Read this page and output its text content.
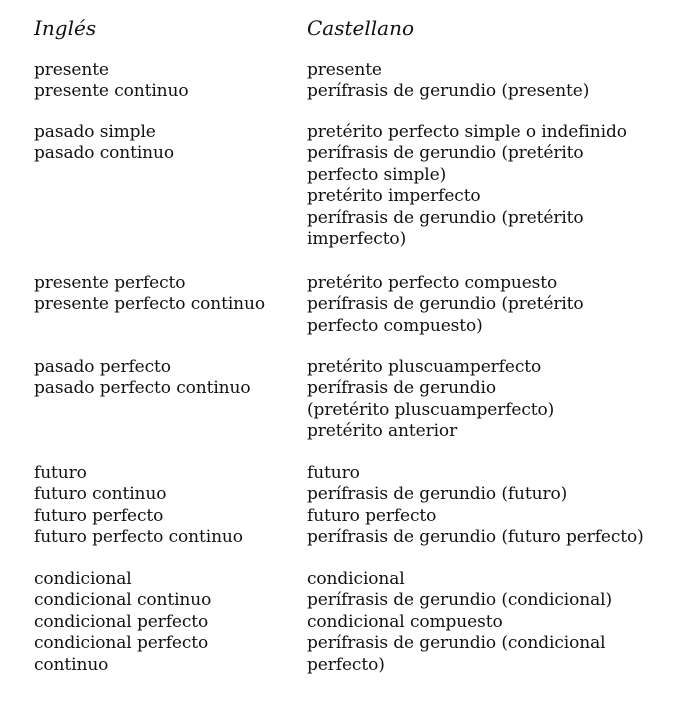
Inglés	Castellano
presente
presente continuo
presente
perífrasis de gerundio (presente)
pasado simple
pasado continuo
pretérito perfecto simple o indefinido
perífrasis de gerundio (pretérito
perfecto simple)
pretérito imperfecto
perífrasis de gerundio (pretérito
imperfecto)
presente perfecto
presente perfecto continuo
pretérito perfecto compuesto
perífrasis de gerundio (pretérito
perfecto compuesto)
pasado perfecto
pasado perfecto continuo
pretérito pluscuamperfecto
perífrasis de gerundio
(pretérito pluscuamperfecto)
pretérito anterior
futuro
futuro continuo
futuro perfecto
futuro perfecto continuo
futuro
perífrasis de gerundio (futuro)
futuro perfecto
perífrasis de gerundio (futuro perfecto)
condicional
condicional continuo
condicional perfecto
condicional perfecto
continuo
condicional
perífrasis de gerundio (condicional)
condicional compuesto
perífrasis de gerundio (condicional
perfecto)
